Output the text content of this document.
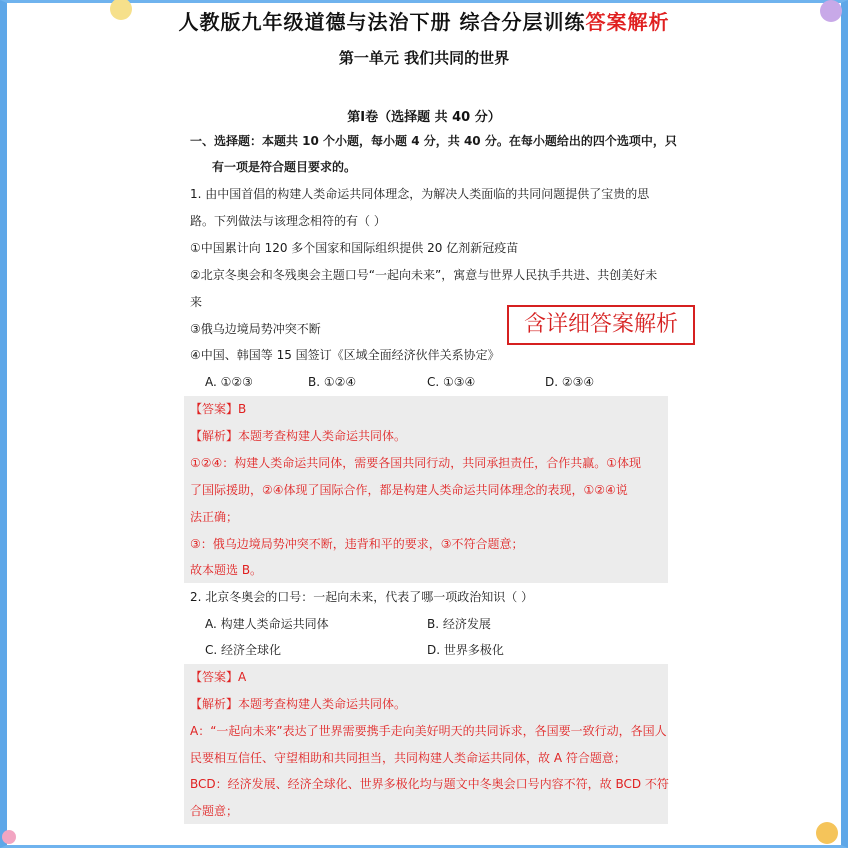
人教版九年级道德与法治下册 综合分层训练答案解析
第一单元 我们共同的世界
第I卷（选择题 共 40 分）
一、选择题：本题共 10 个小题，每小题 4 分，共 40 分。在每小题给出的四个选项中，只
有一项是符合题目要求的。
1. 由中国首倡的构建人类命运共同体理念，为解决人类面临的共同问题提供了宝贵的思
路。下列做法与该理念相符的有（ ）
①中国累计向 120 多个国家和国际组织提供 20 亿剂新冠疫苗
②北京冬奥会和冬残奥会主题口号“一起向未来”，寓意与世界人民执手共进、共创美好未
来
③俄乌边境局势冲突不断
④中国、韩国等 15 国签订《区域全面经济伙伴关系协定》
A. ①②③	B. ①②④	C. ①③④	D. ②③④
含详细答案解析
【答案】B
【解析】本题考查构建人类命运共同体。
①②④：构建人类命运共同体，需要各国共同行动，共同承担责任，合作共赢。①体现
了国际援助，②④体现了国际合作，都是构建人类命运共同体理念的表现，①②④说
法正确；
③：俄乌边境局势冲突不断，违背和平的要求，③不符合题意；
故本题选 B。
2. 北京冬奥会的口号：一起向未来，代表了哪一项政治知识（ ）
A. 构建人类命运共同体	B. 经济发展
C. 经济全球化	D. 世界多极化
【答案】A
【解析】本题考查构建人类命运共同体。
A：“一起向未来”表达了世界需要携手走向美好明天的共同诉求，各国要一致行动，各国人
民要相互信任、守望相助和共同担当，共同构建人类命运共同体，故 A 符合题意；
BCD：经济发展、经济全球化、世界多极化均与题文中冬奥会口号内容不符，故 BCD 不符
合题意；
